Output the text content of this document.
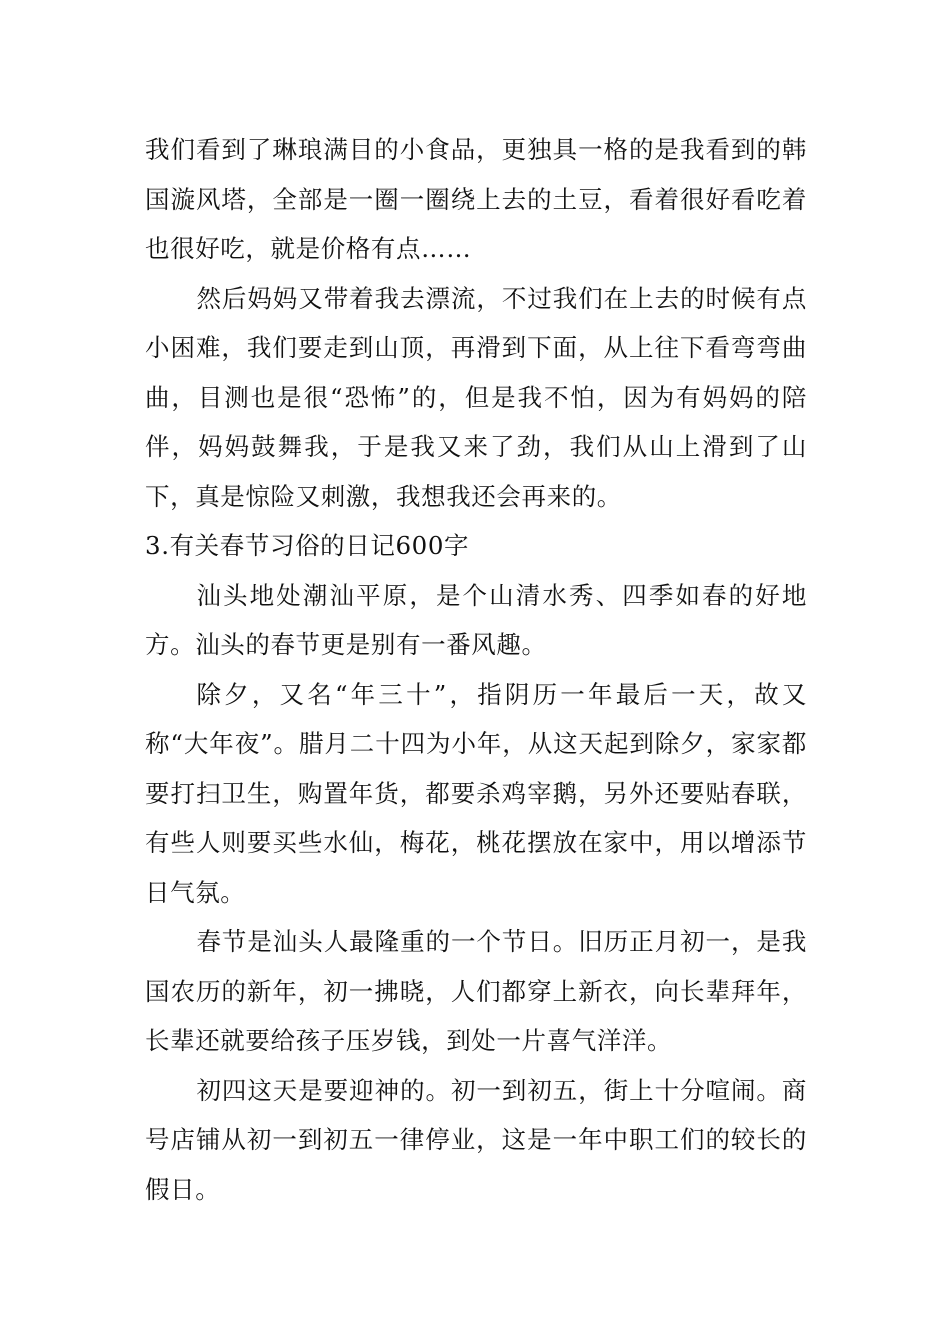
我们看到了琳琅满目的小食品，更独具一格的是我看到的韩国漩风塔，全部是一圈一圈绕上去的土豆，看着很好看吃着也很好吃，就是价格有点……

然后妈妈又带着我去漂流，不过我们在上去的时候有点小困难，我们要走到山顶，再滑到下面，从上往下看弯弯曲曲，目测也是很“恐怖”的，但是我不怕，因为有妈妈的陪伴，妈妈鼓舞我，于是我又来了劲，我们从山上滑到了山下，真是惊险又刺激，我想我还会再来的。

3.有关春节习俗的日记600字

汕头地处潮汕平原，是个山清水秀、四季如春的好地方。汕头的春节更是别有一番风趣。

除夕，又名“年三十”，指阴历一年最后一天，故又称“大年夜”。腊月二十四为小年，从这天起到除夕，家家都要打扫卫生，购置年货，都要杀鸡宰鹅，另外还要贴春联，有些人则要买些水仙，梅花，桃花摆放在家中，用以增添节日气氛。

春节是汕头人最隆重的一个节日。旧历正月初一，是我国农历的新年，初一拂晓，人们都穿上新衣，向长辈拜年，长辈还就要给孩子压岁钱，到处一片喜气洋洋。

初四这天是要迎神的。初一到初五，街上十分喧闹。商号店铺从初一到初五一律停业，这是一年中职工们的较长的假日。
